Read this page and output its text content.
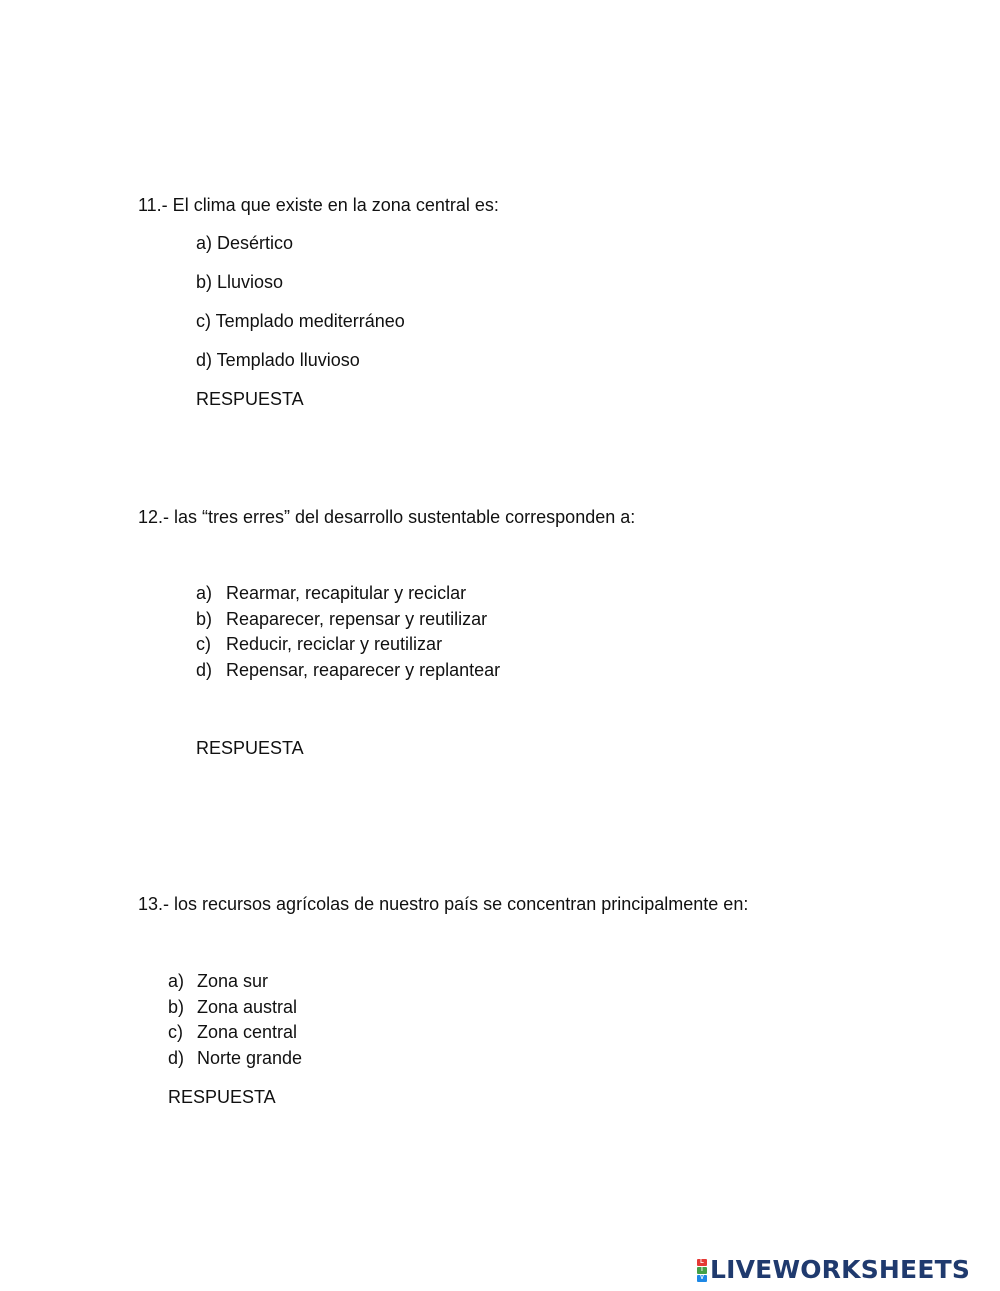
11.- El clima que existe en la zona central es:
a) Desértico
b) Lluvioso
c) Templado mediterráneo
d) Templado lluvioso
RESPUESTA
12.- las “tres erres” del desarrollo sustentable corresponden a:
a) Rearmar, recapitular y reciclar
b) Reaparecer, repensar y reutilizar
c) Reducir, reciclar y reutilizar
d) Repensar, reaparecer y replantear
RESPUESTA
13.- los recursos agrícolas de nuestro país se concentran principalmente en:
a) Zona sur
b) Zona austral
c) Zona central
d) Norte grande
RESPUESTA
L
I
V LIVEWORKSHEETS
